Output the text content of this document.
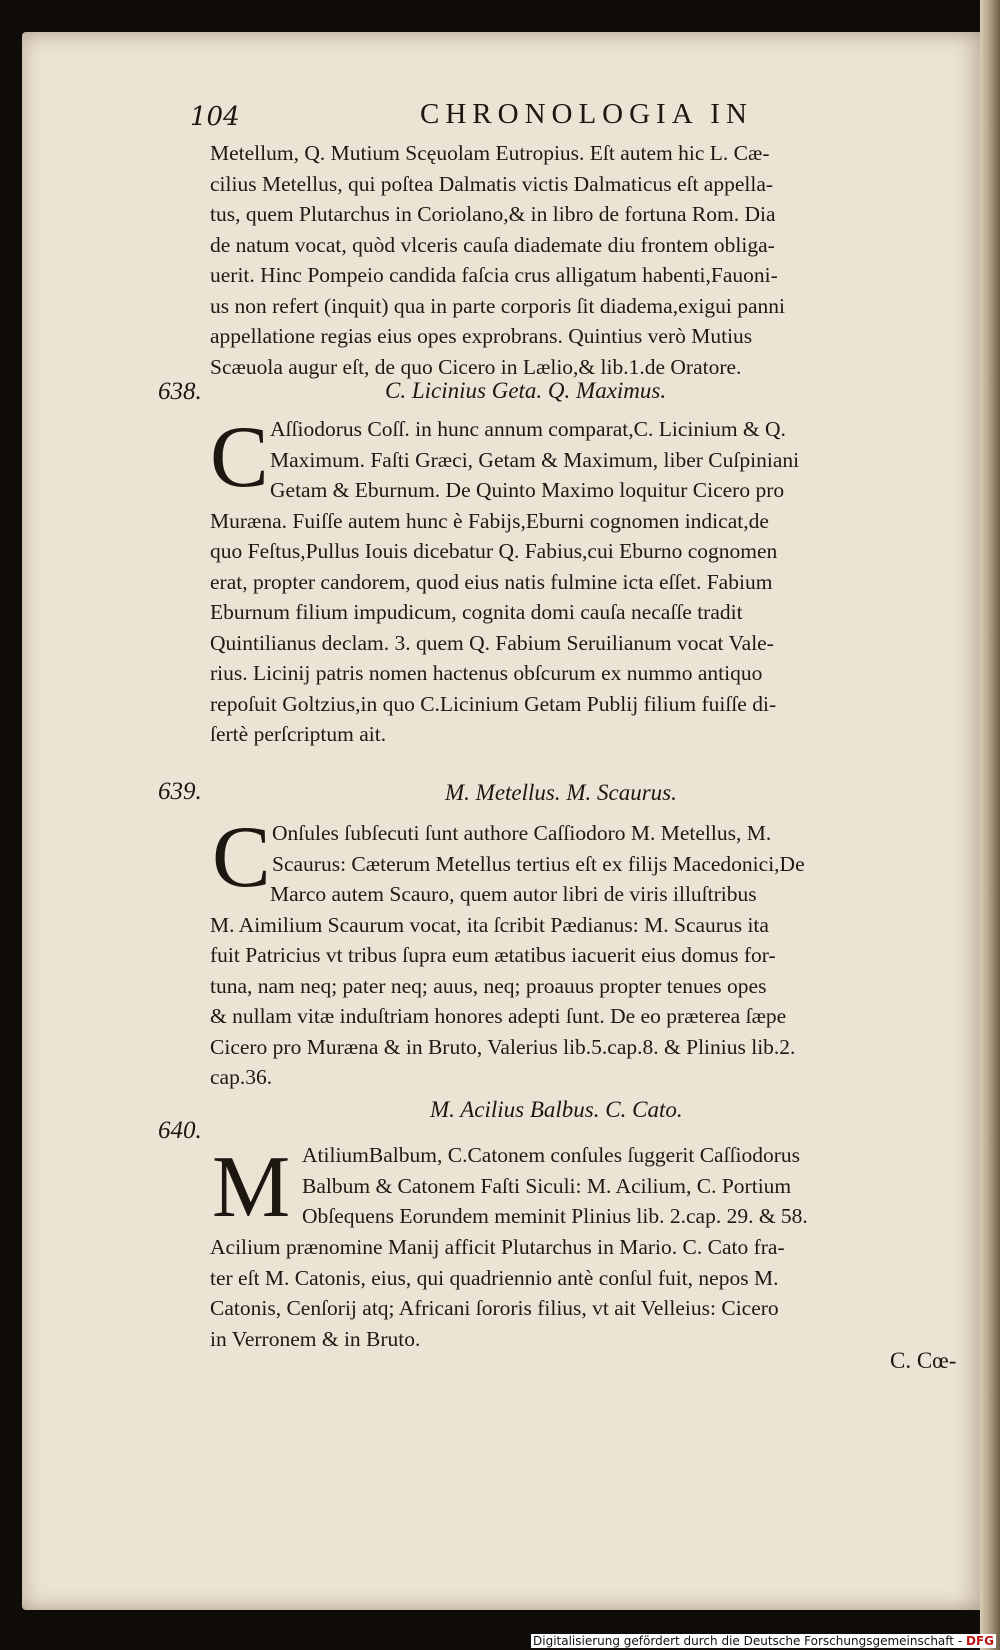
104	CHRONOLOGIA IN
Metellum, Q. Mutium Scęuolam Eutropius. Eſt autem hic L. Cæ-
cilius Metellus, qui poſtea Dalmatis victis Dalmaticus eſt appella-
tus, quem Plutarchus in Coriolano,& in libro de fortuna Rom. Dia
de natum vocat, quòd vlceris cauſa diademate diu frontem obliga-
uerit. Hinc Pompeio candida faſcia crus alligatum habenti,Fauoni-
us non refert (inquit) qua in parte corporis ſit diadema,exigui panni
appellatione regias eius opes exprobrans. Quintius verò Mutius
Scæuola augur eſt, de quo Cicero in Lælio,& lib.1.de Oratore.
638.	C. Licinius Geta. Q. Maximus.
C Aſſiodorus Coſſ. in hunc annum comparat,C. Licinium & Q.
Maximum. Faſti Græci, Getam & Maximum, liber Cuſpiniani
Getam & Eburnum. De Quinto Maximo loquitur Cicero pro
Muræna. Fuiſſe autem hunc è Fabijs,Eburni cognomen indicat,de
quo Feſtus,Pullus Iouis dicebatur Q. Fabius,cui Eburno cognomen
erat, propter candorem, quod eius natis fulmine icta eſſet. Fabium
Eburnum filium impudicum, cognita domi cauſa necaſſe tradit
Quintilianus declam. 3. quem Q. Fabium Seruilianum vocat Vale-
rius. Licinij patris nomen hactenus obſcurum ex nummo antiquo
repoſuit Goltzius,in quo C.Licinium Getam Publij filium fuiſſe di-
ſertè perſcriptum ait.
639.	M. Metellus. M. Scaurus.
C Onſules ſubſecuti ſunt authore Caſſiodoro M. Metellus, M.
Scaurus: Cæterum Metellus tertius eſt ex filijs Macedonici,De
Marco autem Scauro, quem autor libri de viris illuſtribus
M. Aimilium Scaurum vocat, ita ſcribit Pædianus: M. Scaurus ita
fuit Patricius vt tribus ſupra eum ætatibus iacuerit eius domus for-
tuna, nam neq; pater neq; auus, neq; proauus propter tenues opes
& nullam vitæ induſtriam honores adepti ſunt. De eo præterea ſæpe
Cicero pro Muræna & in Bruto, Valerius lib.5.cap.8. & Plinius lib.2.
cap.36.
M. Acilius Balbus. C. Cato.
640.
M AtiliumBalbum, C.Catonem conſules ſuggerit Caſſiodorus
Balbum & Catonem Faſti Siculi: M. Acilium, C. Portium
Obſequens Eorundem meminit Plinius lib. 2.cap. 29. & 58.
Acilium prænomine Manij afficit Plutarchus in Mario. C. Cato fra-
ter eſt M. Catonis, eius, qui quadriennio antè conſul fuit, nepos M.
Catonis, Cenſorij atq; Africani ſororis filius, vt ait Velleius: Cicero
in Verronem & in Bruto.
C. Cœ-
Digitalisierung gefördert durch die Deutsche Forschungsgemeinschaft - DFG
